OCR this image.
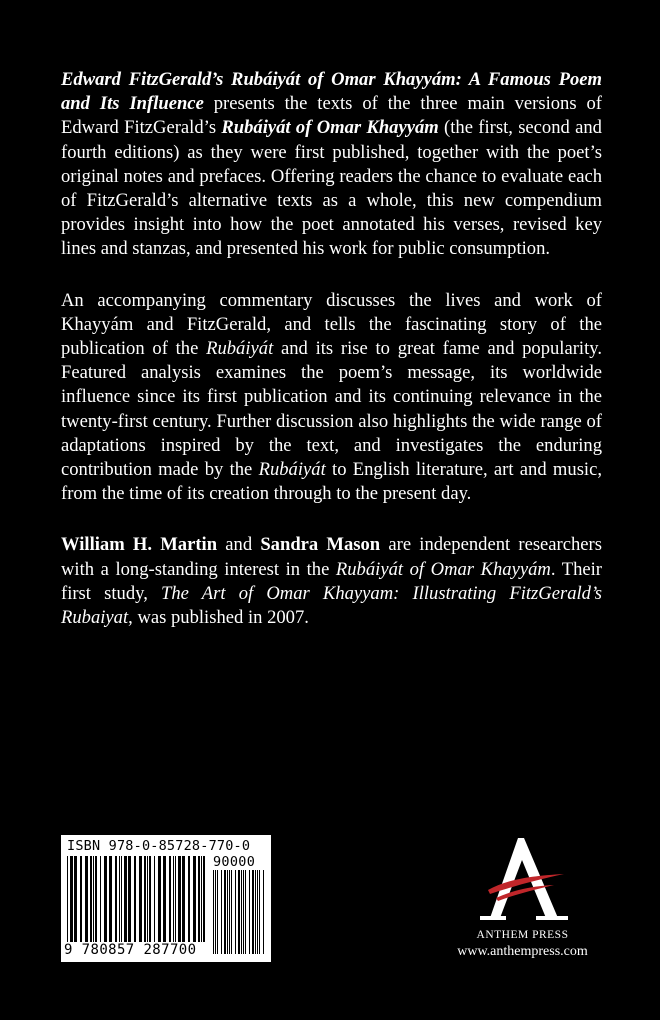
Edward FitzGerald’s Rubáiyát of Omar Khayyám: A Famous Poem and Its Influence presents the texts of the three main versions of Edward FitzGerald’s Rubáiyát of Omar Khayyám (the first, second and fourth editions) as they were first published, together with the poet’s original notes and prefaces. Offering readers the chance to evaluate each of FitzGerald’s alternative texts as a whole, this new compendium provides insight into how the poet annotated his verses, revised key lines and stanzas, and presented his work for public consumption.

An accompanying commentary discusses the lives and work of Khayyám and FitzGerald, and tells the fascinating story of the publication of the Rubáiyát and its rise to great fame and popularity. Featured analysis examines the poem’s message, its worldwide influence since its first publication and its continuing relevance in the twenty-first century. Further discussion also highlights the wide range of adaptations inspired by the text, and investigates the enduring contribution made by the Rubáiyát to English literature, art and music, from the time of its creation through to the present day.

William H. Martin and Sandra Mason are independent researchers with a long-standing interest in the Rubáiyát of Omar Khayyám. Their first study, The Art of Omar Khayyam: Illustrating FitzGerald’s Rubaiyat, was published in 2007.

ISBN 978-0-85728-770-0
90000
9 780857 287700
ANTHEM PRESS
www.anthempress.com
